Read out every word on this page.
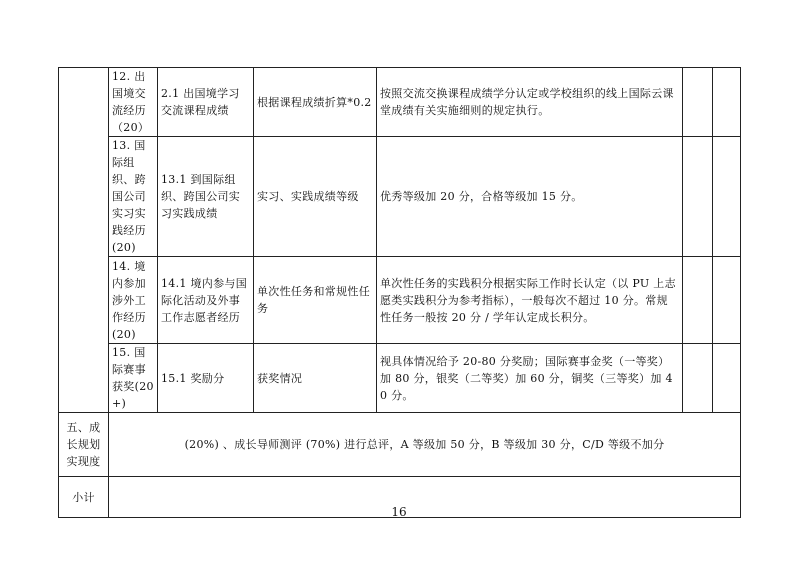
	12. 出国境交流经历（20）	2.1 出国境学习交流课程成绩	根据课程成绩折算*0.2	按照交流交换课程成绩学分认定或学校组织的线上国际云课堂成绩有关实施细则的规定执行。		

	13. 国际组织、跨国公司实习实践经历(20)	13.1 到国际组织、跨国公司实习实践成绩	实习、实践成绩等级	优秀等级加 20 分，合格等级加 15 分。		

	14. 境内参加涉外工作经历(20)	14.1 境内参与国际化活动及外事工作志愿者经历	单次性任务和常规性任务	单次性任务的实践积分根据实际工作时长认定（以 PU 上志愿类实践积分为参考指标），一般每次不超过 10 分。常规性任务一般按 20 分 / 学年认定成长积分。		

	15. 国际赛事获奖(20+)	15.1 奖励分	获奖情况	视具体情况给予 20-80 分奖励；国际赛事金奖（一等奖）加 80 分，银奖（二等奖）加 60 分，铜奖（三等奖）加 40 分。		

五、成长规划实现度	(20%) 、成长导师测评 (70%) 进行总评，A 等级加 50 分，B 等级加 30 分，C/D 等级不加分					
小计						
16
